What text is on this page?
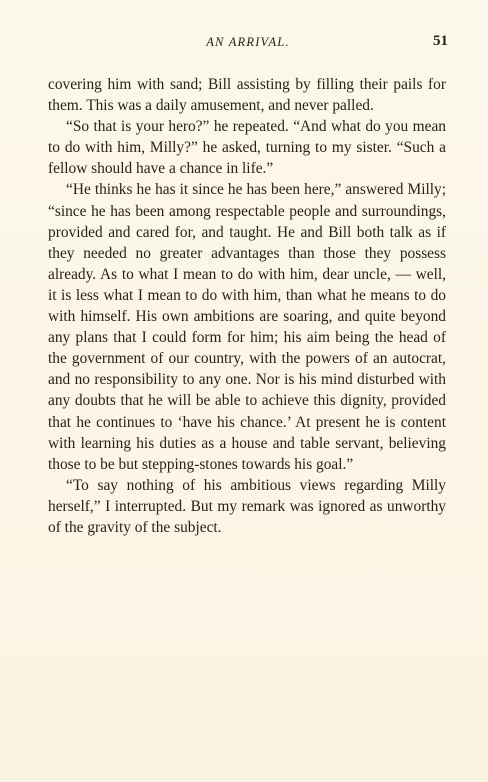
AN ARRIVAL.	51

covering him with sand; Bill assisting by filling their pails for them. This was a daily amusement, and never palled.

“So that is your hero?” he repeated. “And what do you mean to do with him, Milly?” he asked, turning to my sister. “Such a fellow should have a chance in life.”

“He thinks he has it since he has been here,” answered Milly; “since he has been among respectable people and surroundings, provided and cared for, and taught. He and Bill both talk as if they needed no greater advantages than those they possess already. As to what I mean to do with him, dear uncle, — well, it is less what I mean to do with him, than what he means to do with himself. His own ambitions are soaring, and quite beyond any plans that I could form for him; his aim being the head of the government of our country, with the powers of an autocrat, and no responsibility to any one. Nor is his mind disturbed with any doubts that he will be able to achieve this dignity, provided that he continues to ‘have his chance.’ At present he is content with learning his duties as a house and table servant, believing those to be but stepping-stones towards his goal.”

“To say nothing of his ambitious views regarding Milly herself,” I interrupted. But my remark was ignored as unworthy of the gravity of the subject.
